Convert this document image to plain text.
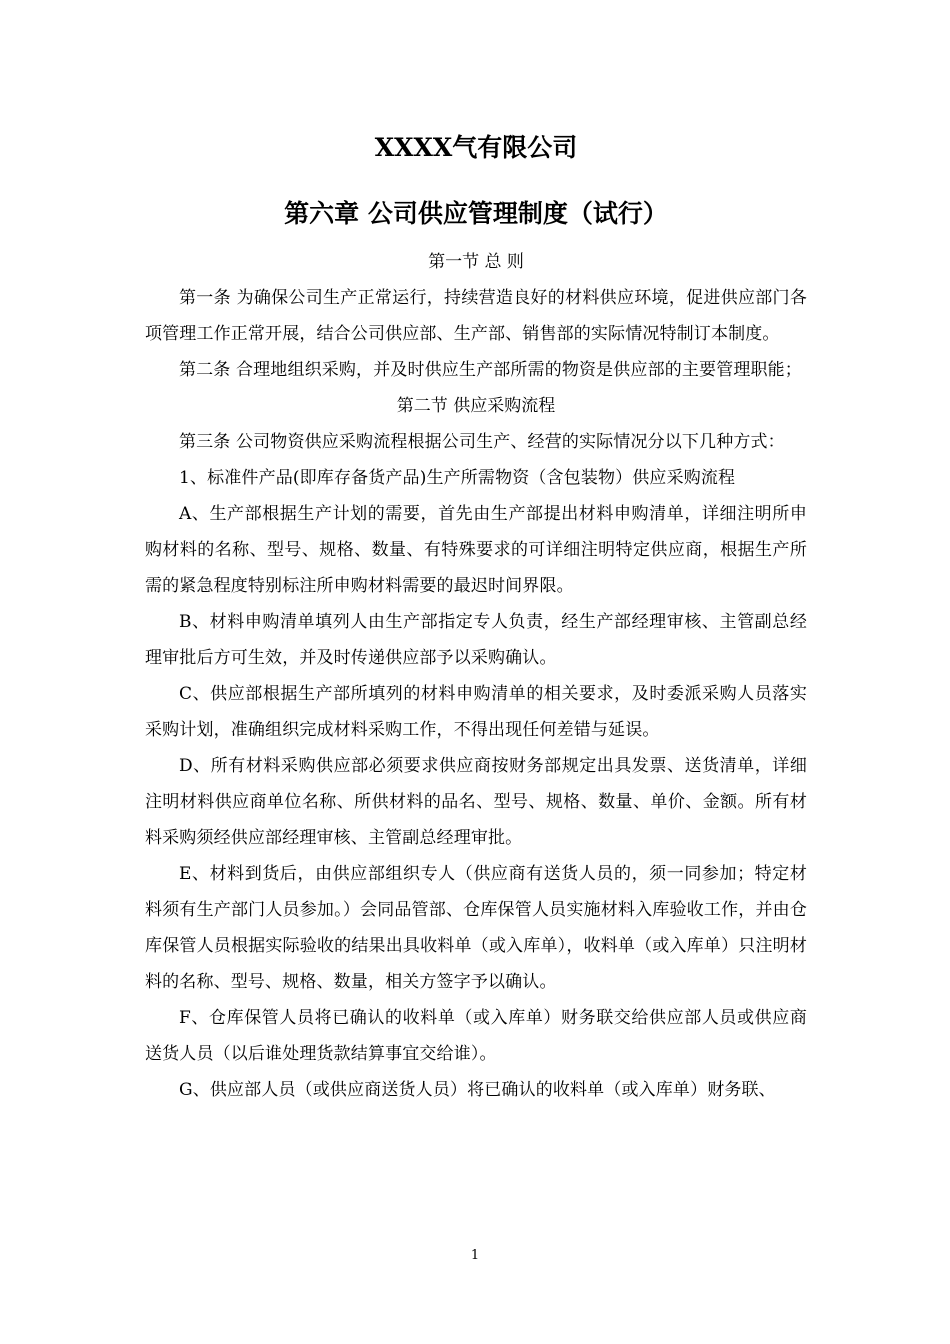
XXXX气有限公司
第六章 公司供应管理制度（试行）

第一节 总 则

第一条 为确保公司生产正常运行，持续营造良好的材料供应环境，促进供应部门各项管理工作正常开展，结合公司供应部、生产部、销售部的实际情况特制订本制度。

第二条 合理地组织采购，并及时供应生产部所需的物资是供应部的主要管理职能；

第二节 供应采购流程

第三条 公司物资供应采购流程根据公司生产、经营的实际情况分以下几种方式：

1、标准件产品(即库存备货产品)生产所需物资（含包装物）供应采购流程

A、生产部根据生产计划的需要，首先由生产部提出材料申购清单，详细注明所申购材料的名称、型号、规格、数量、有特殊要求的可详细注明特定供应商，根据生产所需的紧急程度特别标注所申购材料需要的最迟时间界限。

B、材料申购清单填列人由生产部指定专人负责，经生产部经理审核、主管副总经理审批后方可生效，并及时传递供应部予以采购确认。

C、供应部根据生产部所填列的材料申购清单的相关要求，及时委派采购人员落实采购计划，准确组织完成材料采购工作，不得出现任何差错与延误。

D、所有材料采购供应部必须要求供应商按财务部规定出具发票、送货清单，详细注明材料供应商单位名称、所供材料的品名、型号、规格、数量、单价、金额。所有材料采购须经供应部经理审核、主管副总经理审批。

E、材料到货后，由供应部组织专人（供应商有送货人员的，须一同参加；特定材料须有生产部门人员参加。）会同品管部、仓库保管人员实施材料入库验收工作，并由仓库保管人员根据实际验收的结果出具收料单（或入库单），收料单（或入库单）只注明材料的名称、型号、规格、数量，相关方签字予以确认。

F、仓库保管人员将已确认的收料单（或入库单）财务联交给供应部人员或供应商送货人员（以后谁处理货款结算事宜交给谁）。

G、供应部人员（或供应商送货人员）将已确认的收料单（或入库单）财务联、

1
